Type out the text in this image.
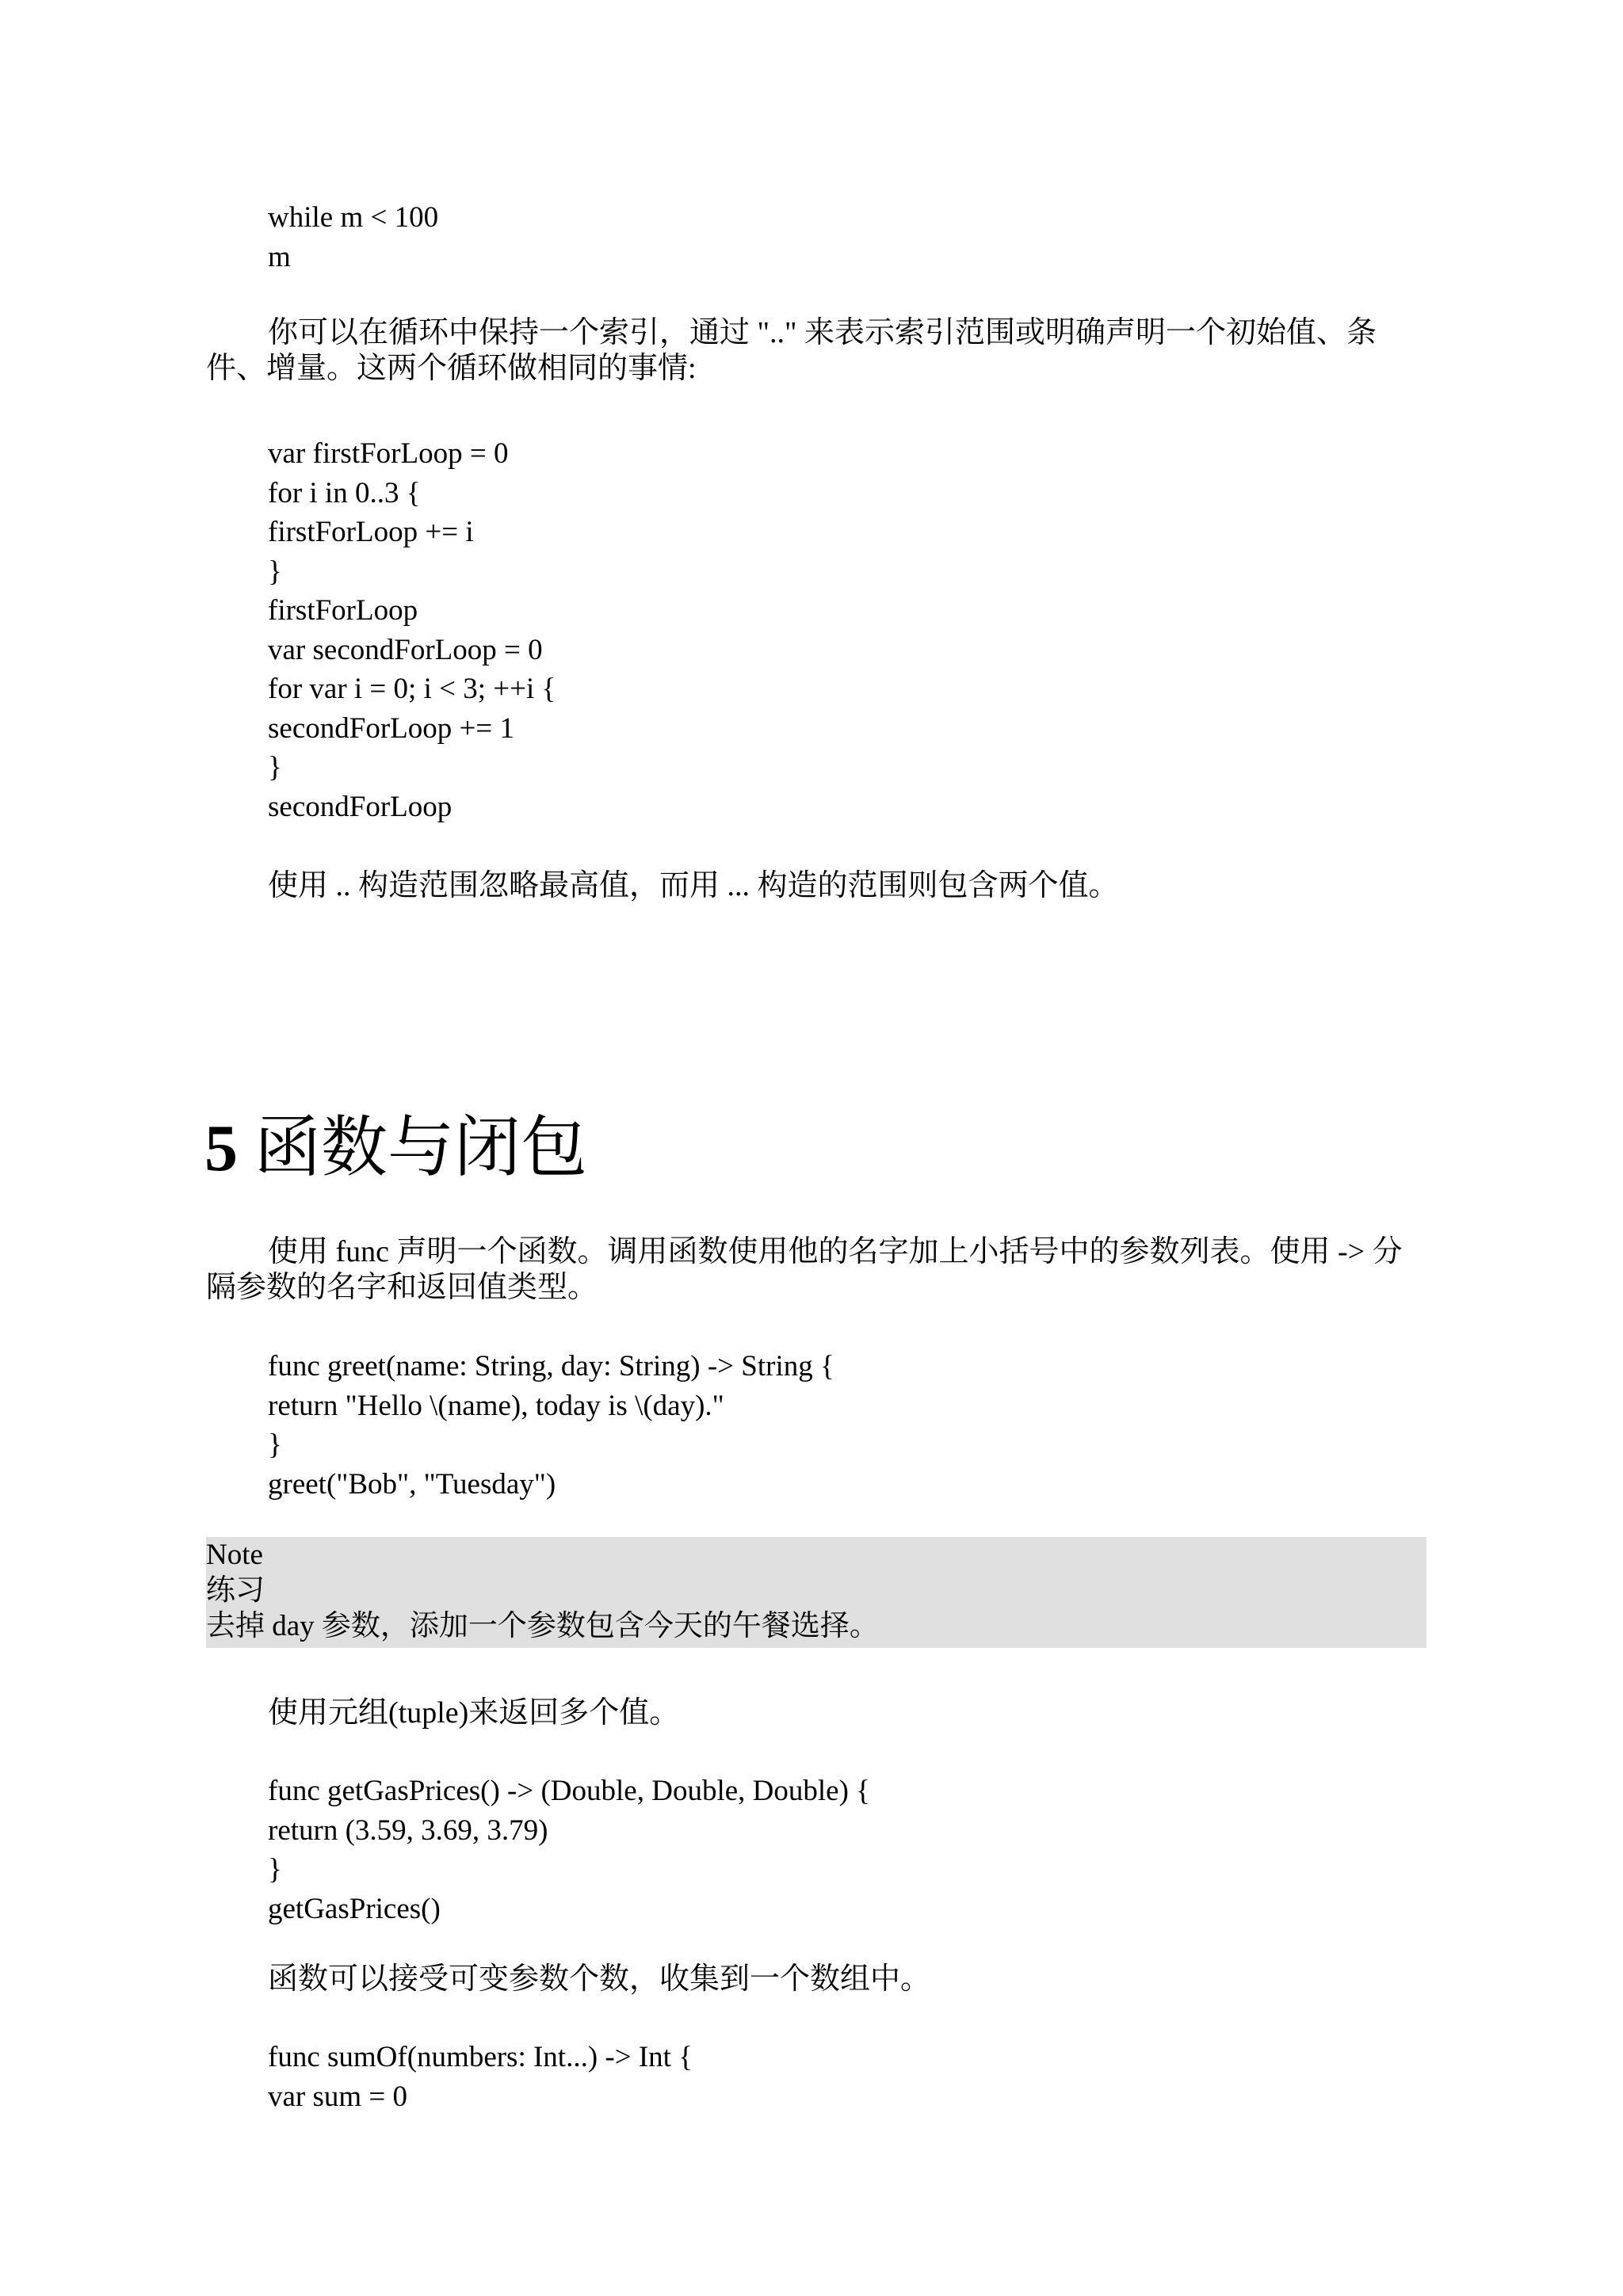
while m < 100
m

你可以在循环中保持一个索引，通过 ".." 来表示索引范围或明确声明一个初始值、条件、增量。这两个循环做相同的事情:

var firstForLoop = 0
for i in 0..3 {
firstForLoop += i
}
firstForLoop
var secondForLoop = 0
for var i = 0; i < 3; ++i {
secondForLoop += 1
}
secondForLoop

使用 .. 构造范围忽略最高值，而用 ... 构造的范围则包含两个值。

5 函数与闭包

使用 func 声明一个函数。调用函数使用他的名字加上小括号中的参数列表。使用 -> 分隔参数的名字和返回值类型。

func greet(name: String, day: String) -> String {
return "Hello \(name), today is \(day)."
}
greet("Bob", "Tuesday")
Note
练习
去掉 day 参数，添加一个参数包含今天的午餐选择。

使用元组(tuple)来返回多个值。

func getGasPrices() -> (Double, Double, Double) {
return (3.59, 3.69, 3.79)
}
getGasPrices()

函数可以接受可变参数个数，收集到一个数组中。

func sumOf(numbers: Int...) -> Int {
var sum = 0
